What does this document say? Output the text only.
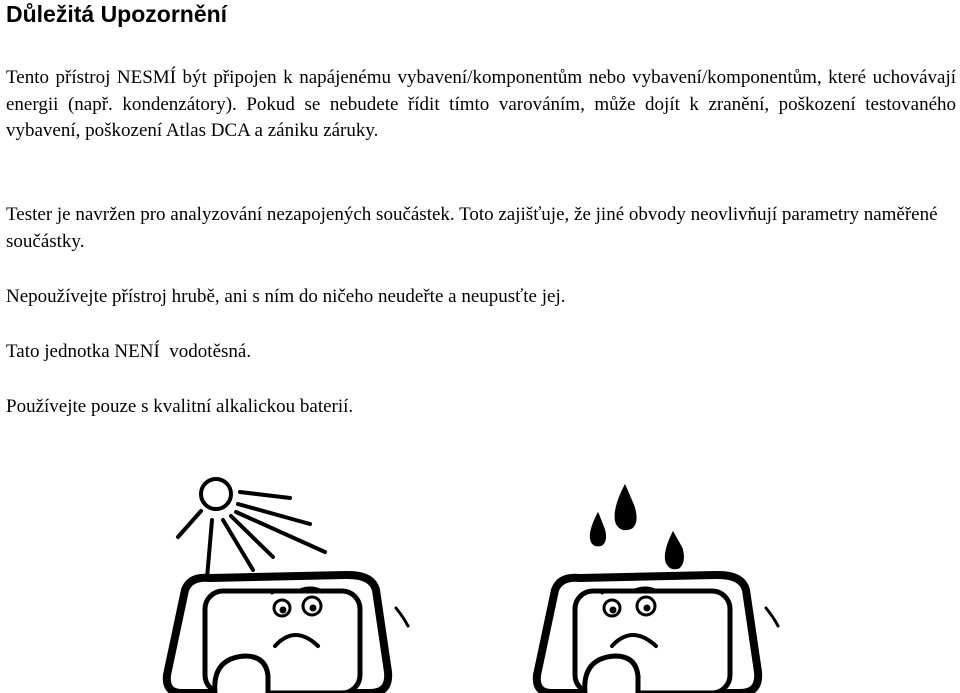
Důležitá Upozornění

Tento přístroj NESMÍ být připojen k napájenému vybavení/komponentům nebo vybavení/komponentům, které uchovávají energii (např. kondenzátory). Pokud se nebudete řídit tímto varováním, může dojít k zranění, poškození testovaného vybavení, poškození Atlas DCA a zániku záruky.

Tester je navržen pro analyzování nezapojených součástek. Toto zajišťuje, že jiné obvody neovlivňují parametry naměřené součástky.

Nepoužívejte přístroj hrubě, ani s ním do ničeho neudeřte a neupusťte jej.

Tato jednotka NENÍ  vodotěsná.

Používejte pouze s kvalitní alkalickou baterií.
